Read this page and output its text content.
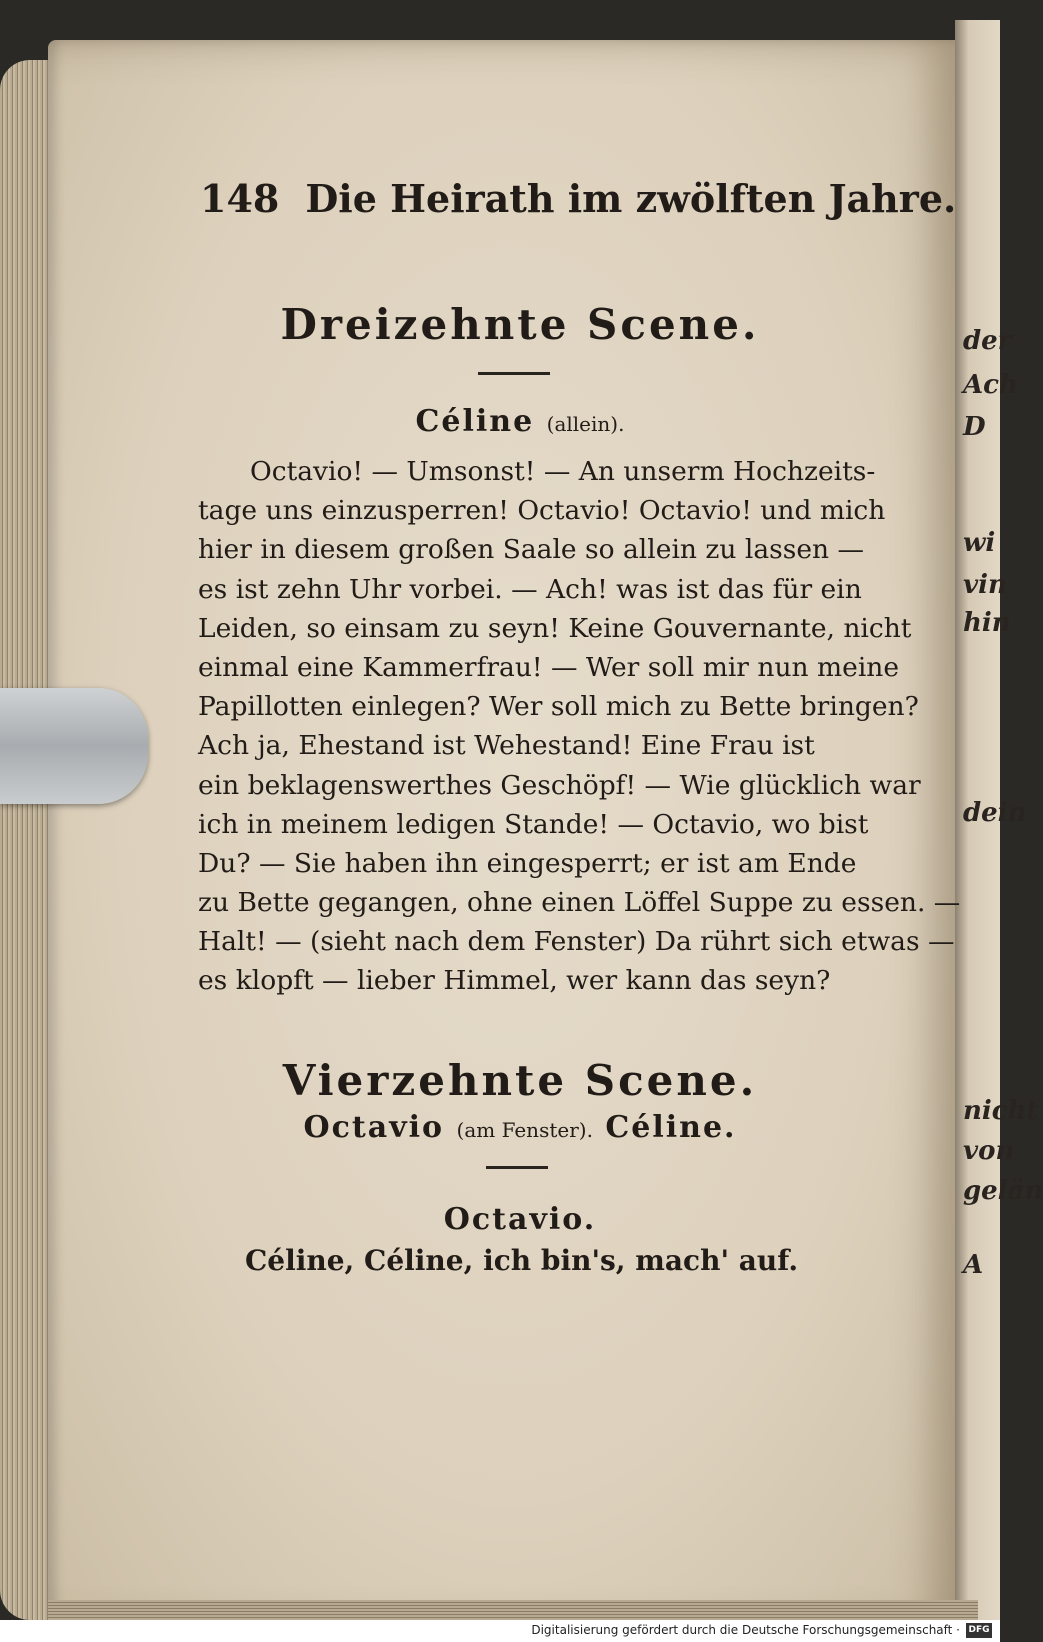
der
Ach
D
wi
vin
hin
dein
nicht
von
gelän
A
148 Die Heirath im zwölften Jahre.
Dreizehnte Scene.
Céline (allein).
Octavio! — Umsonst! — An unserm Hochzeits-
tage uns einzusperren! Octavio! Octavio! und mich
hier in diesem großen Saale so allein zu lassen —
es ist zehn Uhr vorbei. — Ach! was ist das für ein
Leiden, so einsam zu seyn! Keine Gouvernante, nicht
einmal eine Kammerfrau! — Wer soll mir nun meine
Papillotten einlegen? Wer soll mich zu Bette bringen?
Ach ja, Ehestand ist Wehestand! Eine Frau ist
ein beklagenswerthes Geschöpf! — Wie glücklich war
ich in meinem ledigen Stande! — Octavio, wo bist
Du? — Sie haben ihn eingesperrt; er ist am Ende
zu Bette gegangen, ohne einen Löffel Suppe zu essen. —
Halt! — (sieht nach dem Fenster) Da rührt sich etwas —
es klopft — lieber Himmel, wer kann das seyn?
Vierzehnte Scene.
Octavio (am Fenster). Céline.
Octavio.
Céline, Céline, ich bin's, mach' auf.
Digitalisierung gefördert durch die Deutsche Forschungsgemeinschaft · DFG
